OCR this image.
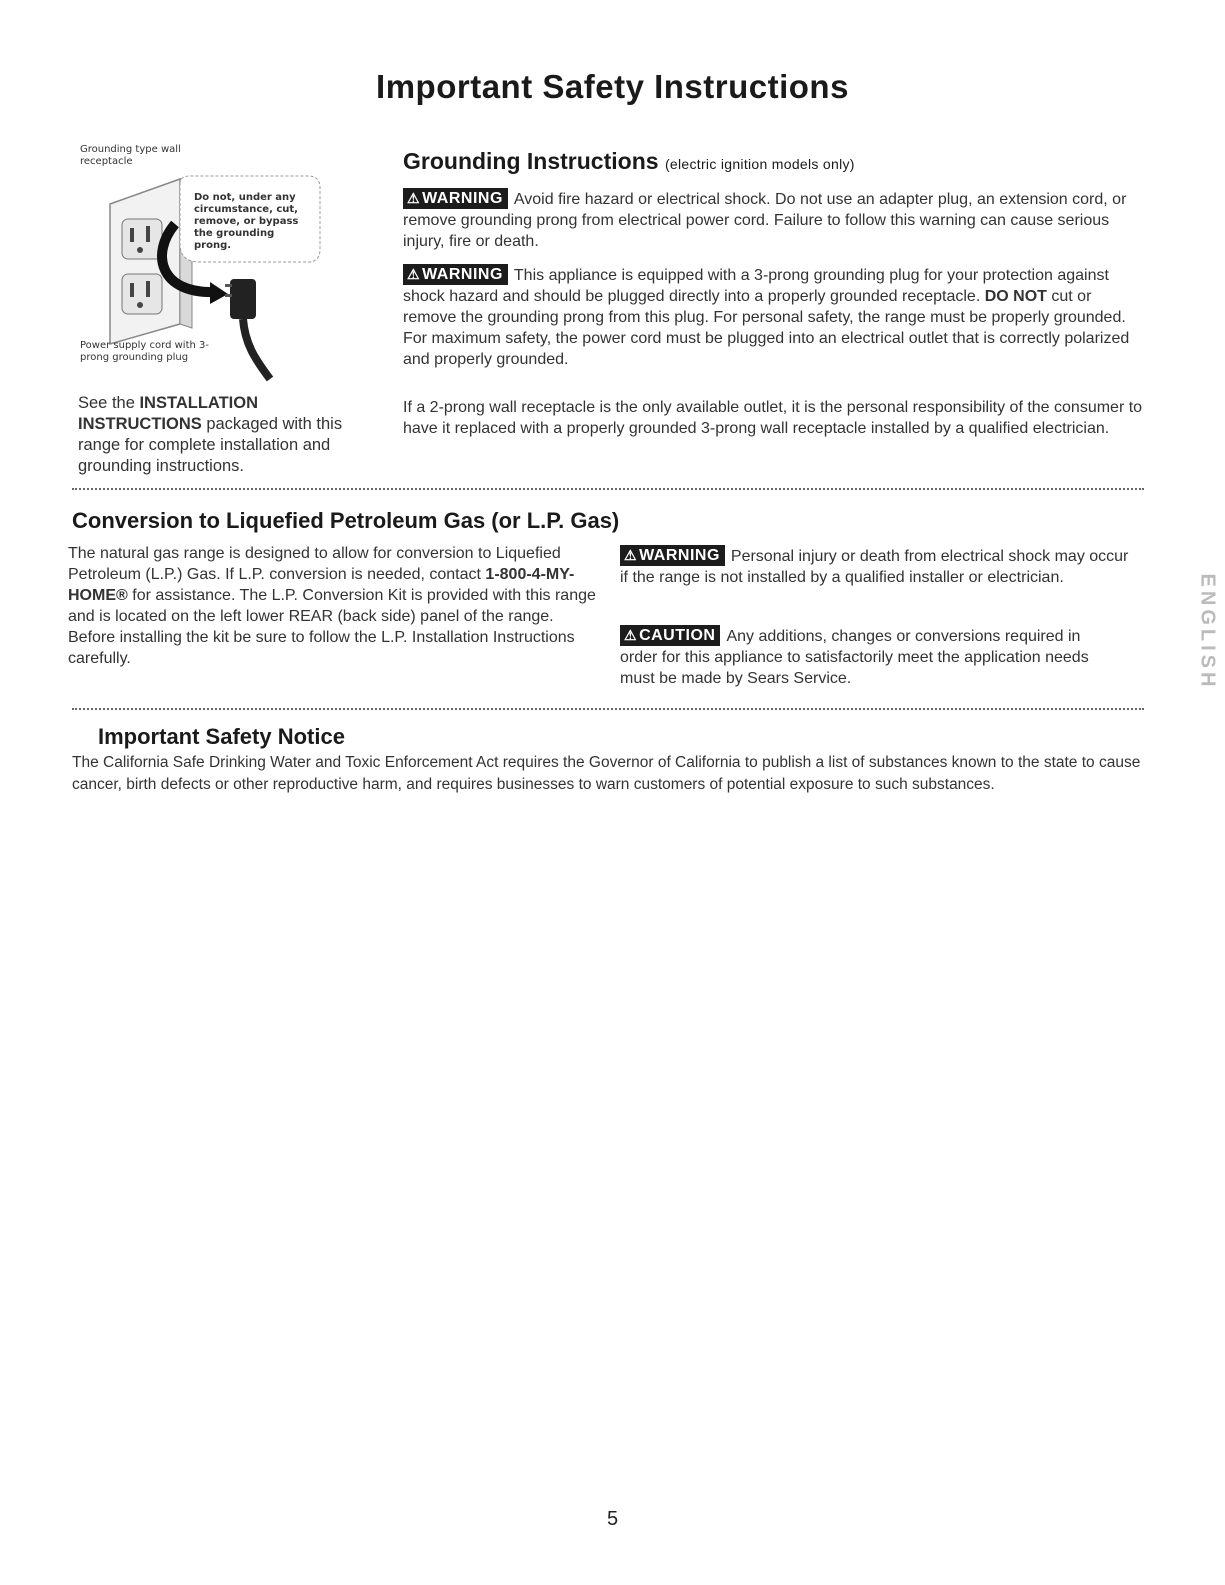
Important Safety Instructions
Grounding type wall receptacle
Do not, under any circumstance, cut, remove, or bypass the grounding prong.
Power supply cord with 3-prong grounding plug
See the INSTALLATION INSTRUCTIONS packaged with this range for complete installation and grounding instructions.
Grounding Instructions (electric ignition models only)
⚠ WARNING Avoid fire hazard or electrical shock. Do not use an adapter plug, an extension cord, or remove grounding prong from electrical power cord. Failure to follow this warning can cause serious injury, fire or death.
⚠ WARNING This appliance is equipped with a 3-prong grounding plug for your protection against shock hazard and should be plugged directly into a properly grounded receptacle. DO NOT cut or remove the grounding prong from this plug. For personal safety, the range must be properly grounded. For maximum safety, the power cord must be plugged into an electrical outlet that is correctly polarized and properly grounded.
If a 2-prong wall receptacle is the only available outlet, it is the personal responsibility of the consumer to have it replaced with a properly grounded 3-prong wall receptacle installed by a qualified electrician.
Conversion to Liquefied Petroleum Gas (or L.P. Gas)
The natural gas range is designed to allow for conversion to Liquefied Petroleum (L.P.) Gas. If L.P. conversion is needed, contact 1-800-4-MY-HOME® for assistance. The L.P. Conversion Kit is provided with this range and is located on the left lower REAR (back side) panel of the range. Before installing the kit be sure to follow the L.P. Installation Instructions carefully.
⚠ WARNING Personal injury or death from electrical shock may occur if the range is not installed by a qualified installer or electrician.
⚠ CAUTION Any additions, changes or conversions required in order for this appliance to satisfactorily meet the application needs must be made by Sears Service.	ENGLISH
Important Safety Notice
The California Safe Drinking Water and Toxic Enforcement Act requires the Governor of California to publish a list of substances known to the state to cause cancer, birth defects or other reproductive harm, and requires businesses to warn customers of potential exposure to such substances.
5
